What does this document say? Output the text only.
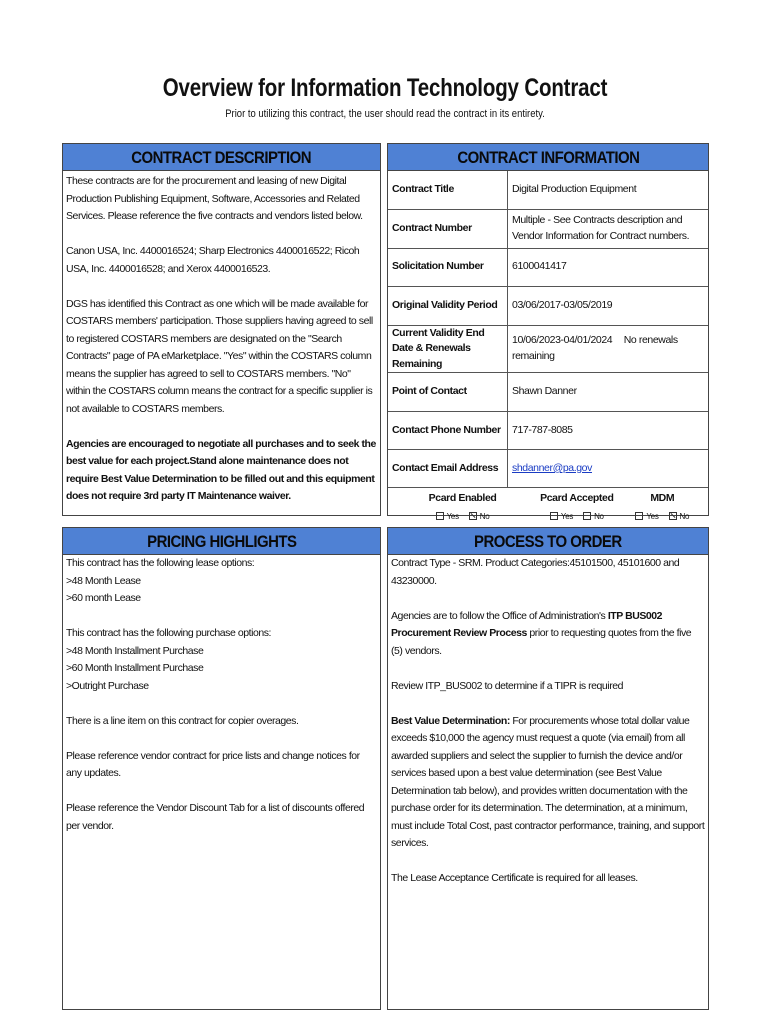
Overview for Information Technology Contract
Prior to utilizing this contract, the user should read the contract in its entirety.
CONTRACT DESCRIPTION

These contracts are for the procurement and leasing of new Digital Production Publishing Equipment, Software, Accessories and Related Services. Please reference the five contracts and vendors listed below.

Canon USA, Inc. 4400016524; Sharp Electronics 4400016522; Ricoh USA, Inc. 4400016528; and Xerox 4400016523.

DGS has identified this Contract as one which will be made available for COSTARS members' participation. Those suppliers having agreed to sell to registered COSTARS members are designated on the "Search Contracts" page of PA eMarketplace. "Yes" within the COSTARS column means the supplier has agreed to sell to COSTARS members. "No" within the COSTARS column means the contract for a specific supplier is not available to COSTARS members.

Agencies are encouraged to negotiate all purchases and to seek the best value for each project.Stand alone maintenance does not require Best Value Determination to be filled out and this equipment does not require 3rd party IT Maintenance waiver.

CONTRACT INFORMATION
Contract Title	Digital Production Equipment
Contract Number	Multiple - See Contracts description and Vendor Information for Contract numbers.
Solicitation Number	6100041417
Original Validity Period	03/06/2017-03/05/2019
Current Validity End Date & Renewals Remaining	10/06/2023-04/01/2024 No renewals remaining
Point of Contact	Shawn Danner
Contact Phone Number	717-787-8085
Contact Email Address	shdanner@pa.gov
Pcard Enabled	Pcard Accepted	MDM
Yes	No	Yes	No	Yes	No
PRICING HIGHLIGHTS

This contract has the following lease options:

>48 Month Lease

>60 month Lease

This contract has the following purchase options:

>48 Month Installment Purchase

>60 Month Installment Purchase

>Outright Purchase

There is a line item on this contract for copier overages.

Please reference vendor contract for price lists and change notices for any updates.

Please reference the Vendor Discount Tab for a list of discounts offered per vendor.

PROCESS TO ORDER

Contract Type - SRM. Product Categories:45101500, 45101600 and 43230000.

Agencies are to follow the Office of Administration's ITP BUS002 Procurement Review Process prior to requesting quotes from the five (5) vendors.

Review ITP_BUS002 to determine if a TIPR is required

Best Value Determination: For procurements whose total dollar value exceeds $10,000 the agency must request a quote (via email) from all awarded suppliers and select the supplier to furnish the device and/or services based upon a best value determination (see Best Value Determination tab below), and provides written documentation with the purchase order for its determination. The determination, at a minimum, must include Total Cost, past contractor performance, training, and support services.

The Lease Acceptance Certificate is required for all leases.
